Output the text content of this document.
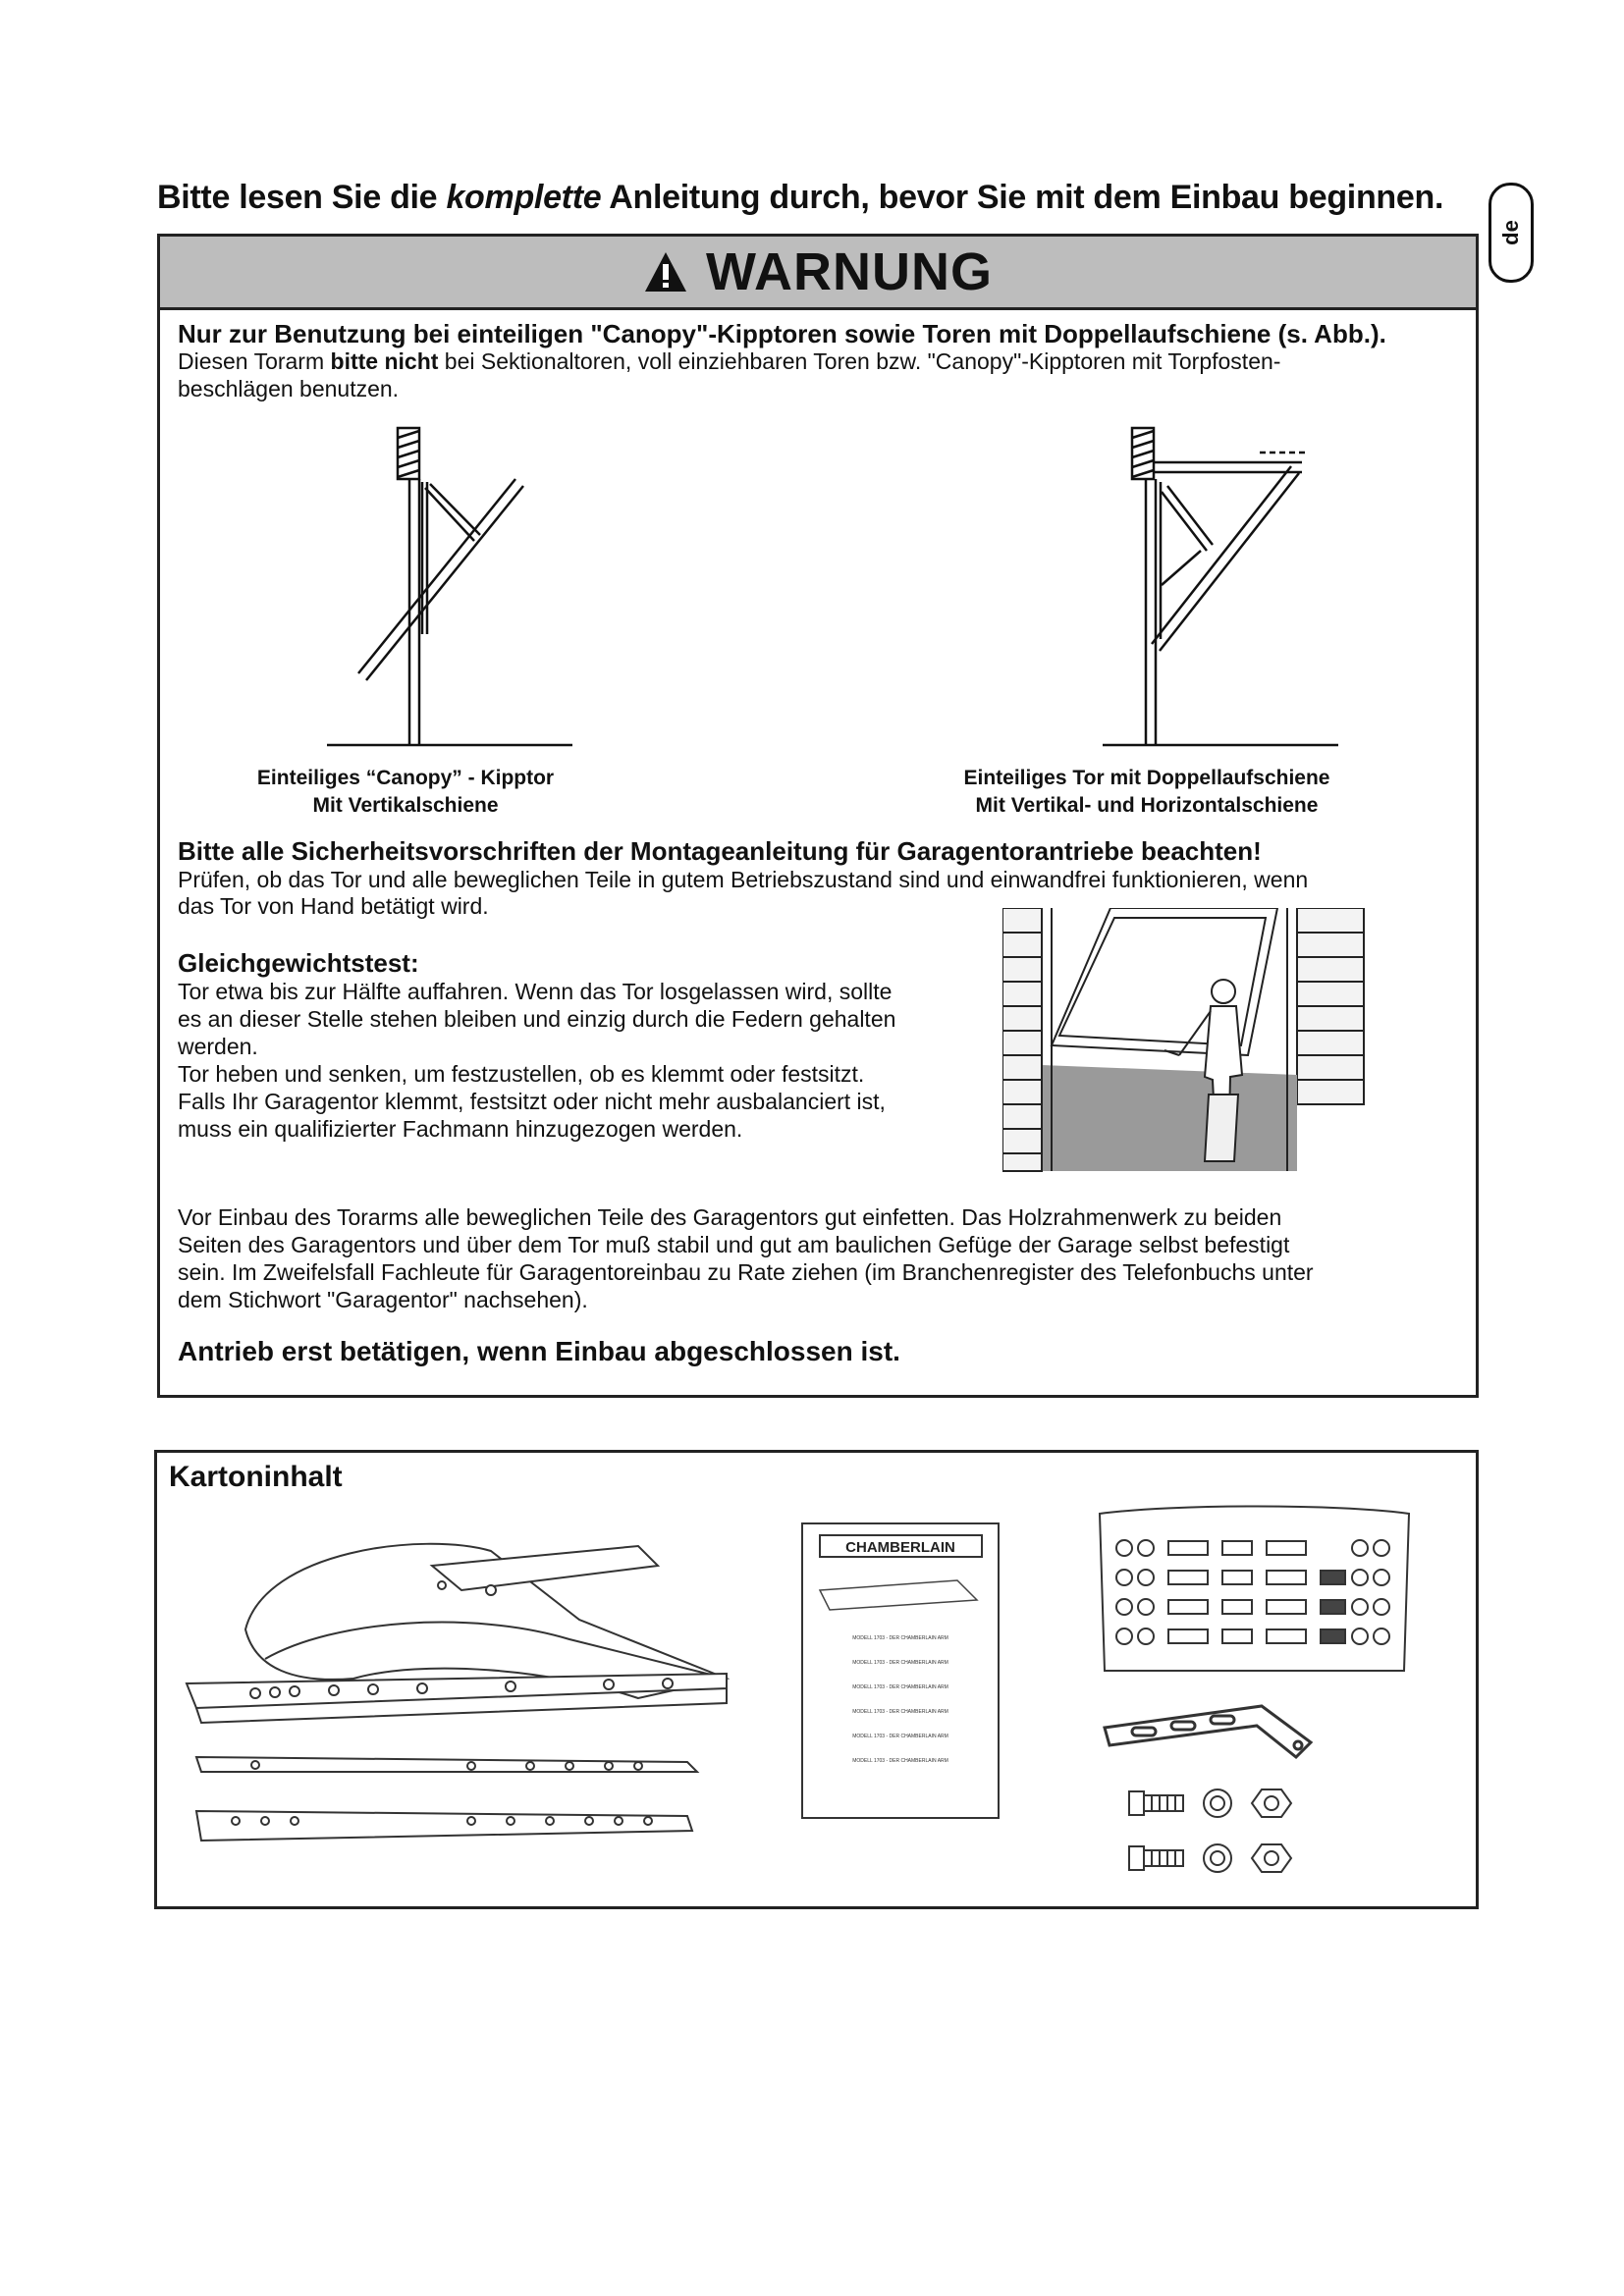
Bitte lesen Sie die komplette Anleitung durch, bevor Sie mit dem Einbau beginnen.
de
WARNUNG
Nur zur Benutzung bei einteiligen "Canopy"-Kipptoren sowie Toren mit Doppellaufschiene (s. Abb.).
Diesen Torarm bitte nicht bei Sektionaltoren, voll einziehbaren Toren bzw. "Canopy"-Kipptoren mit Torpfosten-
beschlägen benutzen.
Einteiliges “Canopy” - Kipptor
Mit Vertikalschiene
Einteiliges Tor mit Doppellaufschiene
Mit Vertikal- und Horizontalschiene
Bitte alle Sicherheitsvorschriften der Montageanleitung für Garagentorantriebe beachten!
Prüfen, ob das Tor und alle beweglichen Teile in gutem Betriebszustand sind und einwandfrei funktionieren, wenn
das Tor von Hand betätigt wird.
Gleichgewichtstest:
Tor etwa bis zur Hälfte auffahren. Wenn das Tor losgelassen wird, sollte
es an dieser Stelle stehen bleiben und einzig durch die Federn gehalten
werden.
Tor heben und senken, um festzustellen, ob es klemmt oder festsitzt.
Falls Ihr Garagentor klemmt, festsitzt oder nicht mehr ausbalanciert ist,
muss ein qualifizierter Fachmann hinzugezogen werden.
Vor Einbau des Torarms alle beweglichen Teile des Garagentors gut einfetten. Das Holzrahmenwerk zu beiden
Seiten des Garagentors und über dem Tor muß stabil und gut am baulichen Gefüge der Garage selbst befestigt
sein. Im Zweifelsfall Fachleute für Garagentoreinbau zu Rate ziehen (im Branchenregister des Telefonbuchs unter
dem Stichwort "Garagentor" nachsehen).
Antrieb erst betätigen, wenn Einbau abgeschlossen ist.
Kartoninhalt
CHAMBERLAIN
MODELL 1703 - DER CHAMBERLAIN ARM
MODELL 1703 - DER CHAMBERLAIN ARM
MODELL 1703 - DER CHAMBERLAIN ARM
MODELL 1703 - DER CHAMBERLAIN ARM
MODELL 1703 - DER CHAMBERLAIN ARM
MODELL 1703 - DER CHAMBERLAIN ARM
